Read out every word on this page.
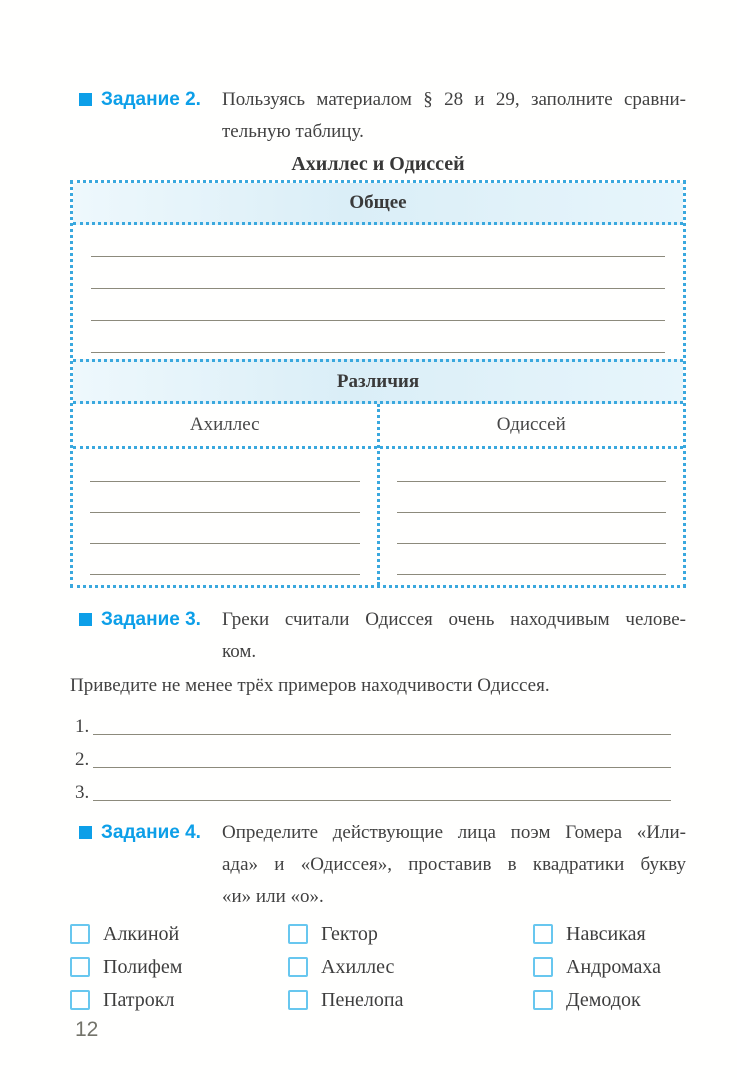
Задание 2. Пользуясь материалом § 28 и 29, заполните сравни-
тельную таблицу.
Ахиллес и Одиссей
Общее
Различия
Ахиллес	Одиссей
Задание 3. Греки считали Одиссея очень находчивым челове-
ком.

Приведите не менее трёх примеров находчивости Одиссея.

1.
2.
3.
Задание 4. Определите действующие лица поэм Гомера «Или-
ада» и «Одиссея», проставив в квадратики букву
«и» или «о».
Алкиной
Полифем
Патрокл
Гектор
Ахиллес
Пенелопа
Навсикая
Андромаха
Демодок
12
